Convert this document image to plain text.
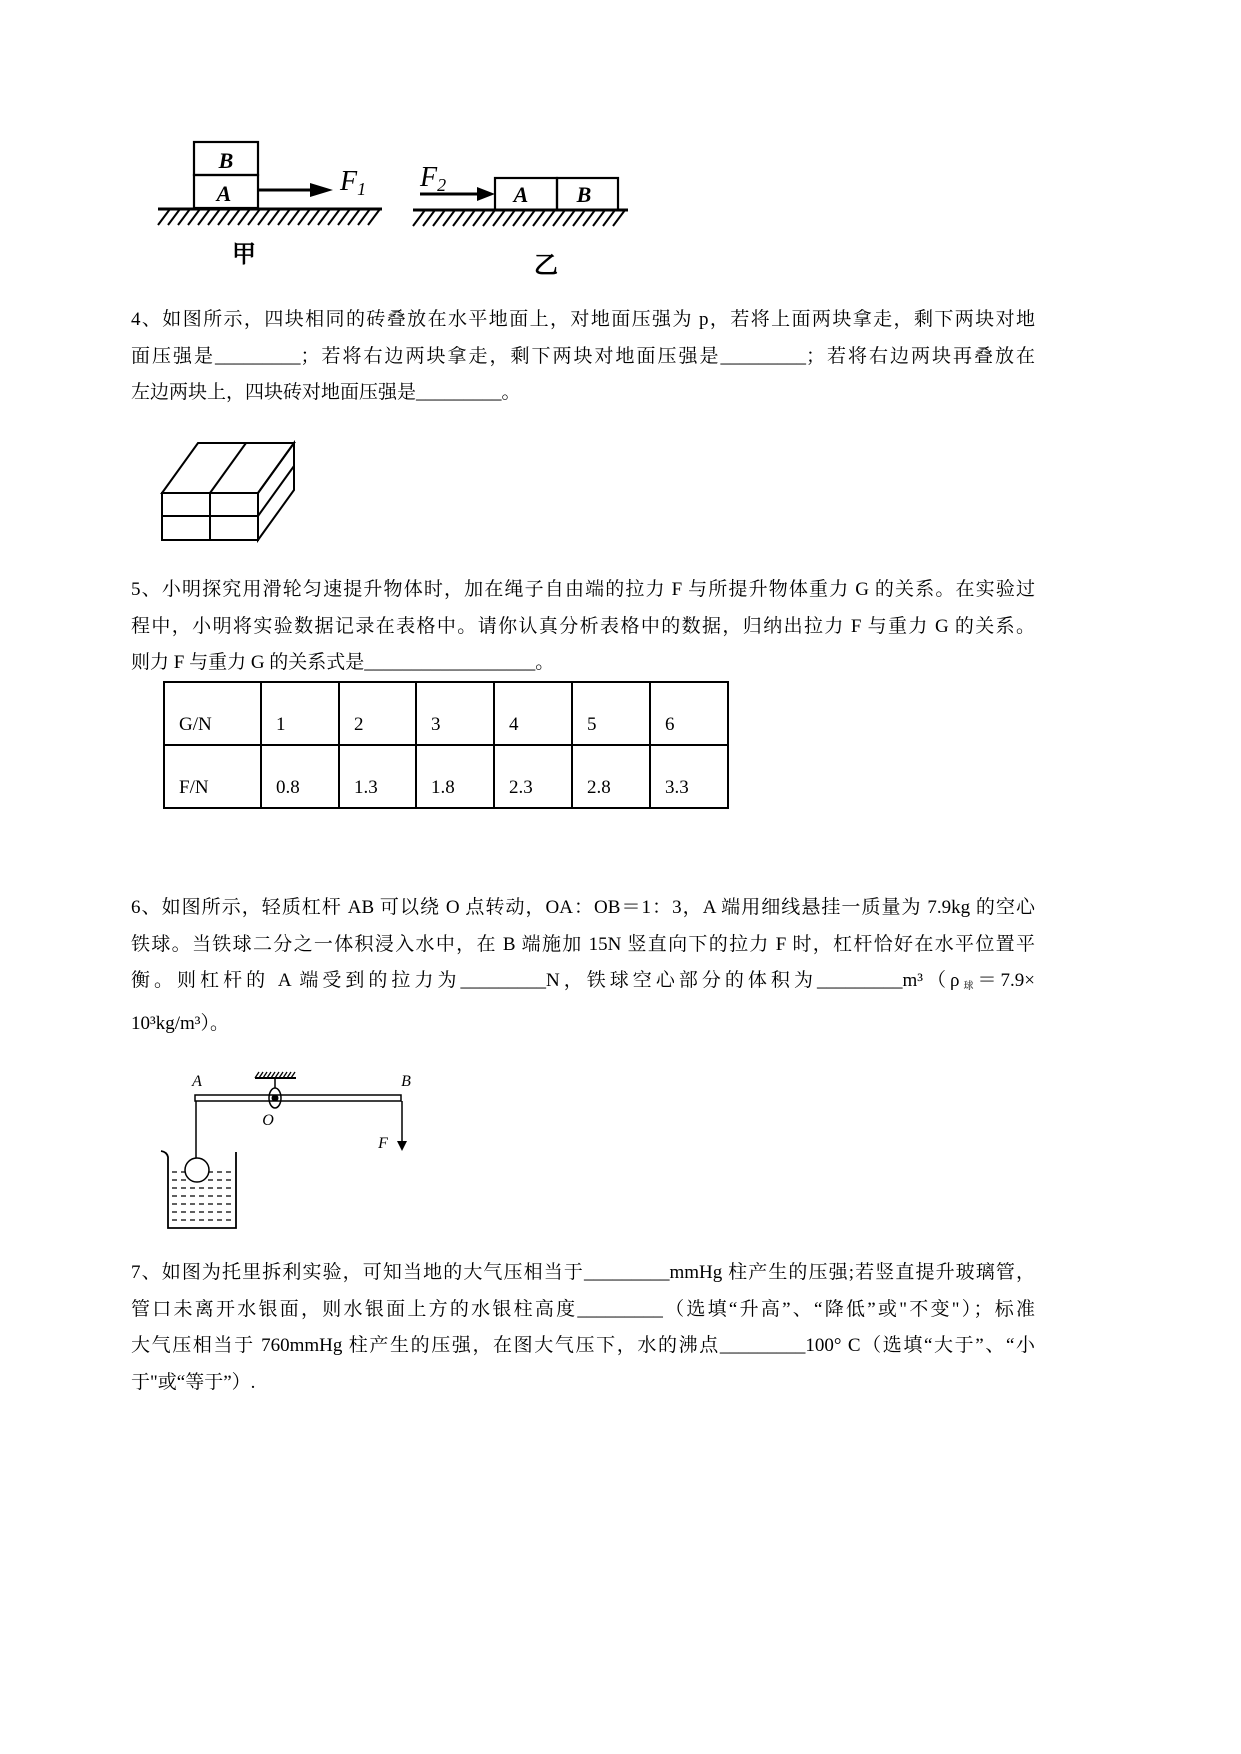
B
A	F1
甲
F2	A B
乙
4、如图所示，四块相同的砖叠放在水平地面上，对地面压强为 p，若将上面两块拿走，剩下两块对地
面压强是_________；若将右边两块拿走，剩下两块对地面压强是_________；若将右边两块再叠放在
左边两块上，四块砖对地面压强是_________。
5、小明探究用滑轮匀速提升物体时，加在绳子自由端的拉力 F 与所提升物体重力 G 的关系。在实验过
程中，小明将实验数据记录在表格中。请你认真分析表格中的数据，归纳出拉力 F 与重力 G 的关系。
则力 F 与重力 G 的关系式是__________________。
G/N	1	2	3	4	5	6
F/N	0.8	1.3	1.8	2.3	2.8	3.3
6、如图所示，轻质杠杆 AB 可以绕 O 点转动，OA：OB＝1：3，A 端用细线悬挂一质量为 7.9kg 的空心
铁球。当铁球二分之一体积浸入水中，在 B 端施加 15N 竖直向下的拉力 F 时，杠杆恰好在水平位置平
衡。则杠杆的 A 端受到的拉力为_________N，铁球空心部分的体积为$\_\_\_\_\_\_\_\_\_m^3(\rho_球=7.9\times$
10³kg/m³）。
A	B
O
F
7、如图为托里拆利实验，可知当地的大气压相当于_________mmHg 柱产生的压强;若竖直提升玻璃管，
管口未离开水银面，则水银面上方的水银柱高度_________（选填“升高”、“降低”或"不变"）；标准
大气压相当于 760mmHg 柱产生的压强，在图大气压下，水的沸点_________100° C（选填“大于”、“小
于"或“等于”）.
